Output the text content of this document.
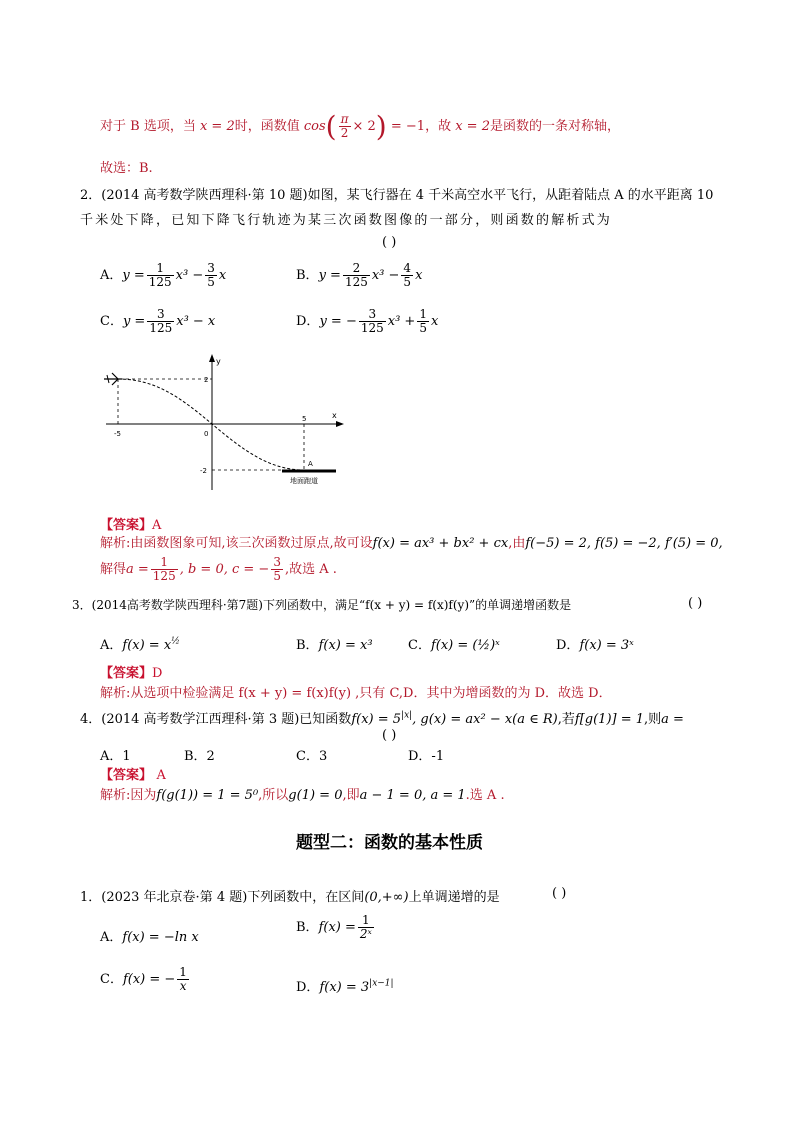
对于 B 选项，当 x = 2时，函数值 $\cos( \frac{\pi}{2} \times 2) = -1$，故 x = 2是函数的一条对称轴，
故选：B.
2．(2014 高考数学陕西理科·第 10 题)如图，某飞行器在 4 千米高空水平飞行，从距着陆点 A 的水平距离 10
千米处下降，已知下降飞行轨迹为某三次函数图像的一部分，则函数的解析式为
( )
A．$y = \frac{1}{125} x^3 - \frac{3}{5}$ x	B．$y = \frac{2}{125} x^3 - \frac{4}{5}$ x
C．$y = \frac{3}{125} x^3 - x$	D．y = − $\frac{3}{125} x^3 + \frac{1}{5}$ x
y
x
2
-2
-5
5
0
A
地面跑道
【答案】A
解析:由函数图象可知,该三次函数过原点,故可设f(x) = ax³ + bx² + cx,由f(−5) = 2, f(5) = −2, f′(5) = 0,
解得$a = \frac{1}{125}$ , b = 0, c = − $\frac{3}{5}$ ,故选 A .
3．(2014高考数学陕西理科·第7题)下列函数中，满足“f(x + y) = f(x)f(y)”的单调递增函数是	( )
A．$f(x) = x^{\frac{1}{2}}$	B．f(x) = x³	C．f(x) = (½)ˣ	D．f(x) = 3ˣ
【答案】D
解析:从选项中检验满足 f(x + y) = f(x)f(y) ,只有 C,D．其中为增函数的为 D．故选 D．
4．(2014 高考数学江西理科·第 3 题)已知函数$f(x) = 5^{|x|}$, g(x) = ax² − x(a ∈ R),若f[g(1)] = 1,则a =
( )
A．1	B．2	C．3	D．-1
【答案】 A
解析:因为f(g(1)) = 1 = 5⁰,所以g(1) = 0,即a − 1 = 0, a = 1.选 A .
题型二：函数的基本性质
1．(2023 年北京卷·第 4 题)下列函数中，在区间(0,+∞)上单调递增的是	( )
A．f(x) = −ln x
B．$f(x) = \frac{1}{\text{2ˣ}}$
C．f(x) = − $\frac{1}{x}$	D．$f(x) = 3^{|x-1|}$
